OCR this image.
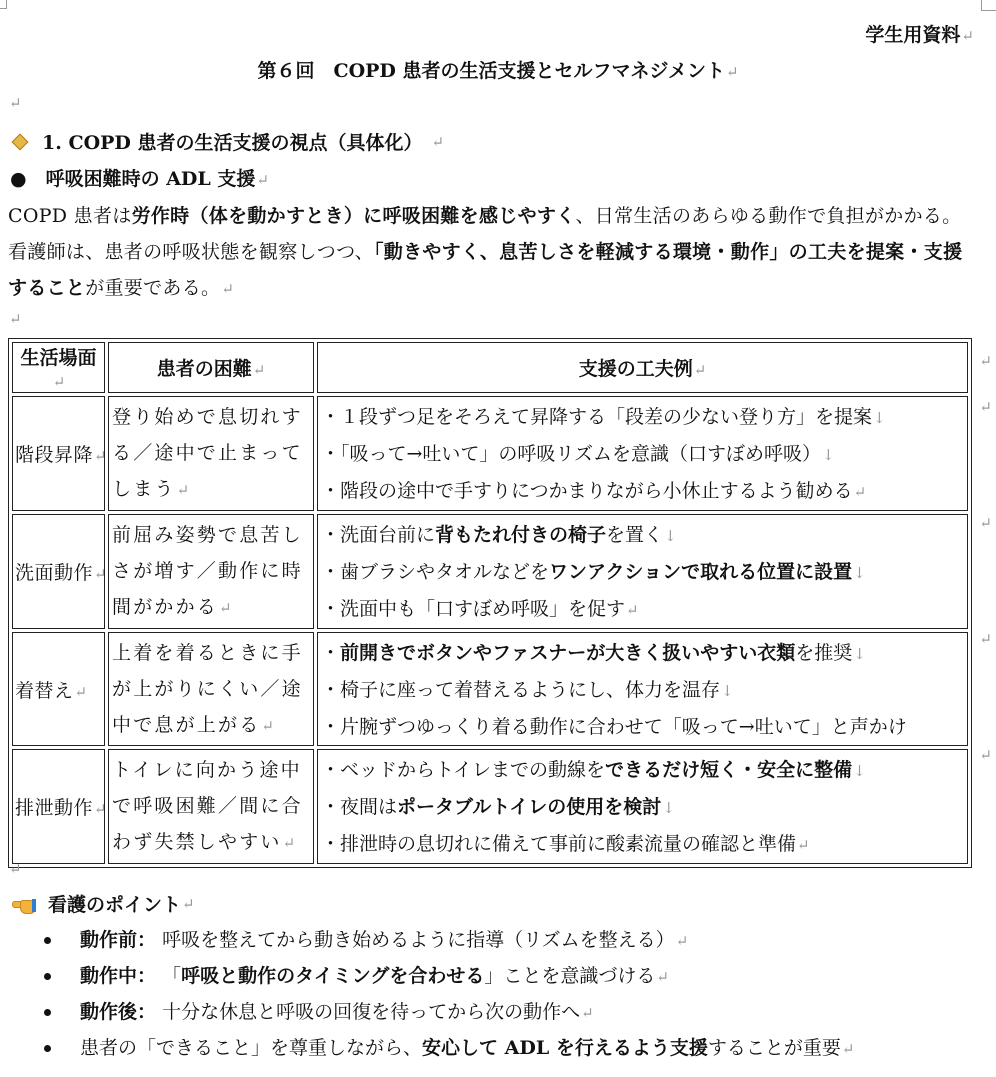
学生用資料↵
第６回　COPD 患者の生活支援とセルフマネジメント↵
↵
1. COPD 患者の生活支援の視点（具体化） ↵
●　呼吸困難時の ADL 支援↵
COPD 患者は労作時（体を動かすとき）に呼吸困難を感じやすく、日常生活のあらゆる動作で負担がかかる。看護師は、患者の呼吸状態を観察しつつ、「動きやすく、息苦しさを軽減する環境・動作」の工夫を提案・支援することが重要である。↵
↵
生活場面↵	患者の困難↵	支援の工夫例↵
階段昇降↵	登り始めで息切れする／途中で止まってしまう↵	・１段ずつ足をそろえて昇降する「段差の少ない登り方」を提案↓
・「吸って→吐いて」の呼吸リズムを意識（口すぼめ呼吸）↓
・階段の途中で手すりにつかまりながら小休止するよう勧める↵

洗面動作↵	前屈み姿勢で息苦しさが増す／動作に時間がかかる↵	・洗面台前に背もたれ付きの椅子を置く↓
・歯ブラシやタオルなどをワンアクションで取れる位置に設置↓
・洗面中も「口すぼめ呼吸」を促す↵

着替え↵	上着を着るときに手が上がりにくい／途中で息が上がる↵	・前開きでボタンやファスナーが大きく扱いやすい衣類を推奨↓
・椅子に座って着替えるようにし、体力を温存↓
・片腕ずつゆっくり着る動作に合わせて「吸って→吐いて」と声かけ

排泄動作↵	トイレに向かう途中で呼吸困難／間に合わず失禁しやすい↵	・ベッドからトイレまでの動線をできるだけ短く・安全に整備↓
・夜間はポータブルトイレの使用を検討↓
・排泄時の息切れに備えて事前に酸素流量の確認と準備↵
↵
↵
↵
↵
↵
↵
看護のポイント ↵
動作前： 呼吸を整えてから動き始めるように指導（リズムを整える）↵
動作中： 「呼吸と動作のタイミングを合わせる」ことを意識づける↵
動作後： 十分な休息と呼吸の回復を待ってから次の動作へ↵
患者の「できること」を尊重しながら、安心して ADL を行えるよう支援することが重要↵
